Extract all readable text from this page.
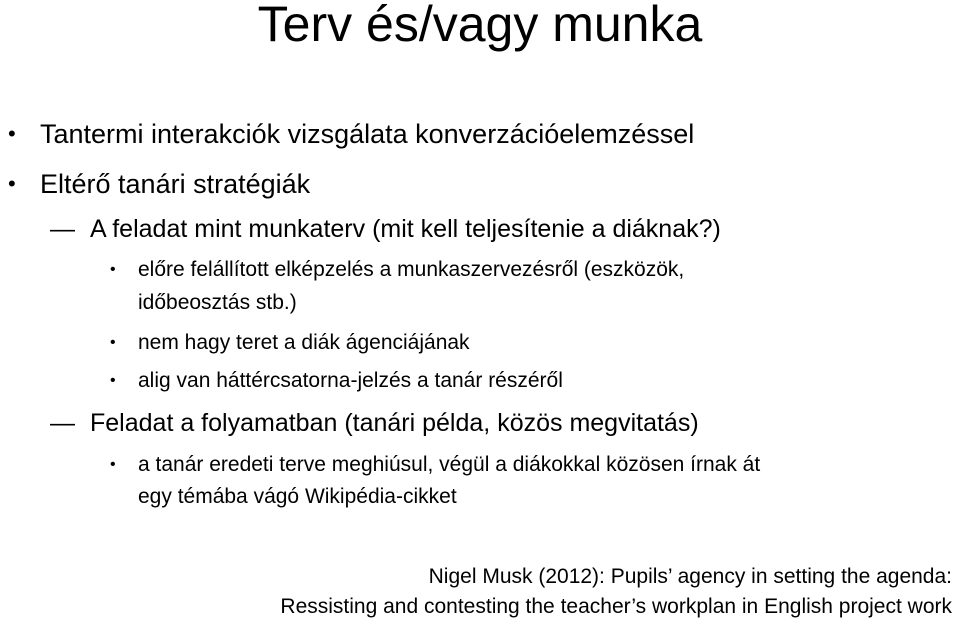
Terv és/vagy munka
• Tantermi interakciók vizsgálata konverzációelemzéssel
• Eltérő tanári stratégiák
— A feladat mint munkaterv (mit kell teljesítenie a diáknak?)
• előre felállított elképzelés a munkaszervezésről (eszközök,
időbeosztás stb.)
• nem hagy teret a diák ágenciájának
• alig van háttércsatorna-jelzés a tanár részéről
— Feladat a folyamatban (tanári példa, közös megvitatás)
• a tanár eredeti terve meghiúsul, végül a diákokkal közösen írnak át
egy témába vágó Wikipédia-cikket
Nigel Musk (2012): Pupils’ agency in setting the agenda:
Ressisting and contesting the teacher’s workplan in English project work
